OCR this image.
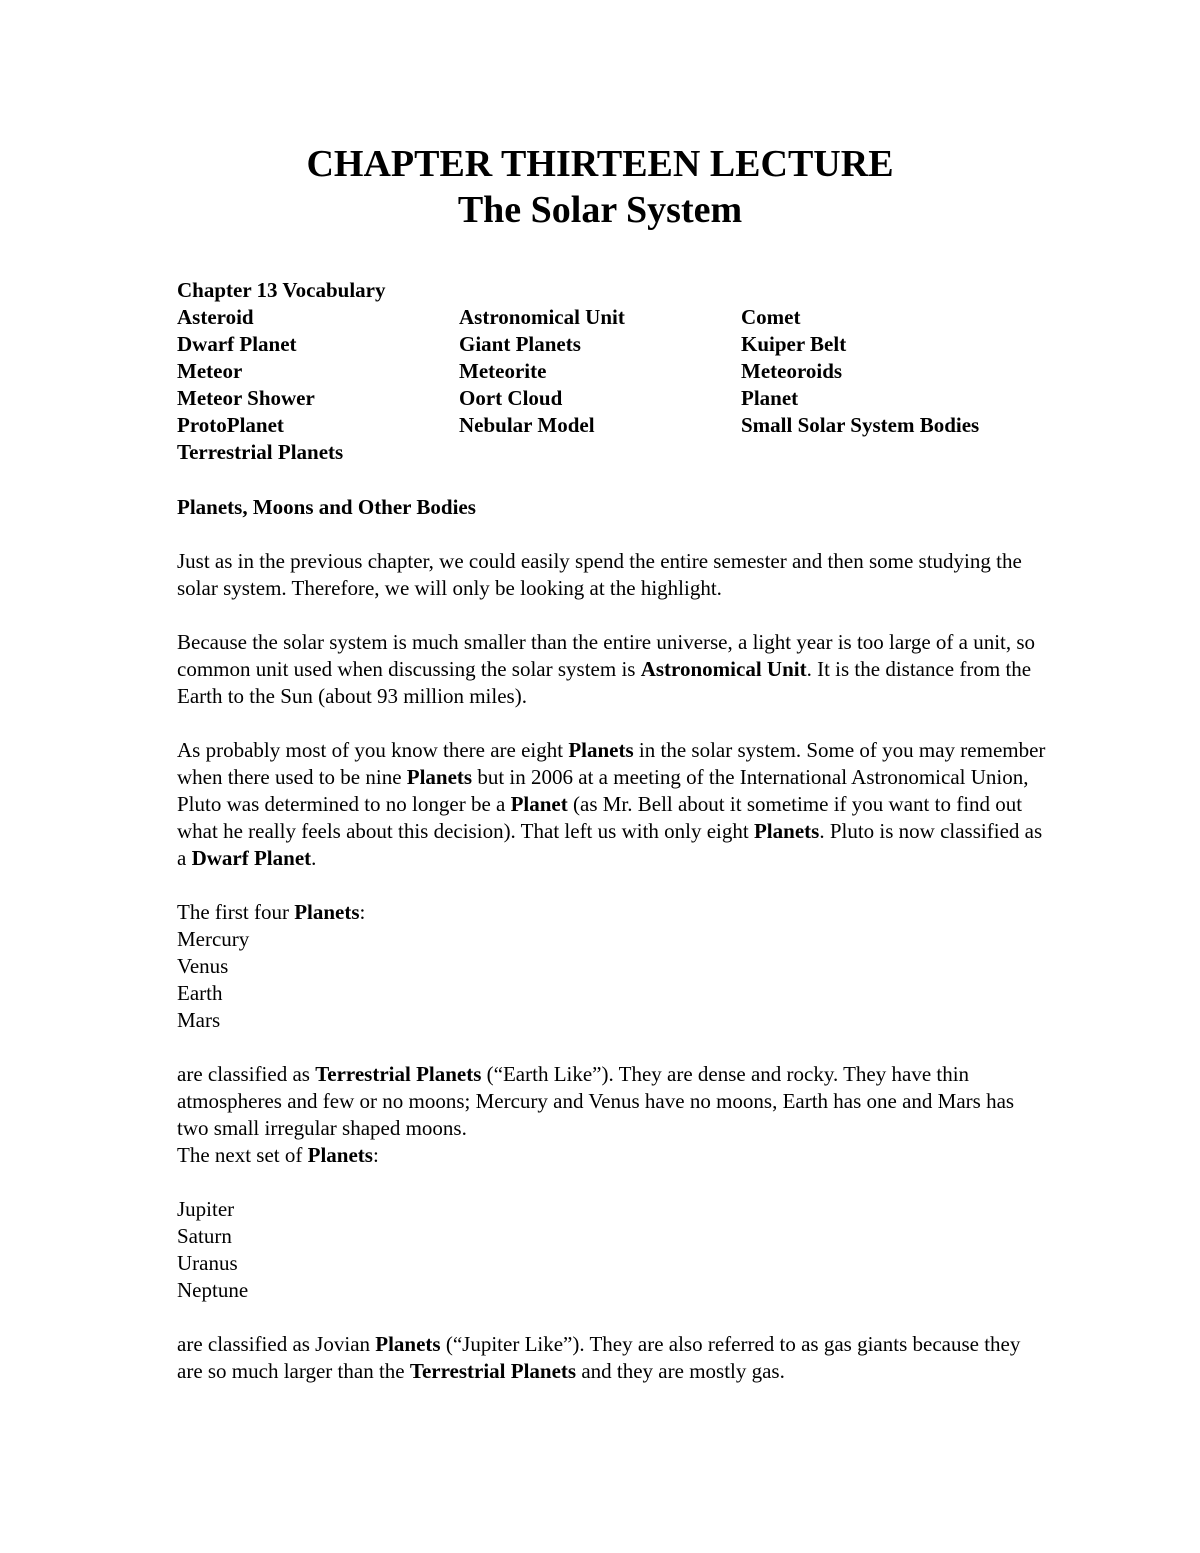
CHAPTER THIRTEEN LECTURE
The Solar System
Chapter 13 Vocabulary
Asteroid	Astronomical Unit	Comet
Dwarf Planet	Giant Planets	Kuiper Belt
Meteor	Meteorite	Meteoroids
Meteor Shower	Oort Cloud	Planet
ProtoPlanet	Nebular Model	Small Solar System Bodies
Terrestrial Planets
Planets, Moons and Other Bodies

Just as in the previous chapter, we could easily spend the entire semester and then some studying the solar system. Therefore, we will only be looking at the highlight.

Because the solar system is much smaller than the entire universe, a light year is too large of a unit, so common unit used when discussing the solar system is Astronomical Unit. It is the distance from the Earth to the Sun (about 93 million miles).

As probably most of you know there are eight Planets in the solar system. Some of you may remember when there used to be nine Planets but in 2006 at a meeting of the International Astronomical Union, Pluto was determined to no longer be a Planet (as Mr. Bell about it sometime if you want to find out what he really feels about this decision). That left us with only eight Planets. Pluto is now classified as a Dwarf Planet.

The first four Planets:

Mercury
Venus
Earth
Mars

are classified as Terrestrial Planets (“Earth Like”). They are dense and rocky. They have thin atmospheres and few or no moons; Mercury and Venus have no moons, Earth has one and Mars has two small irregular shaped moons.

The next set of Planets:

Jupiter
Saturn
Uranus
Neptune

are classified as Jovian Planets (“Jupiter Like”). They are also referred to as gas giants because they are so much larger than the Terrestrial Planets and they are mostly gas.
